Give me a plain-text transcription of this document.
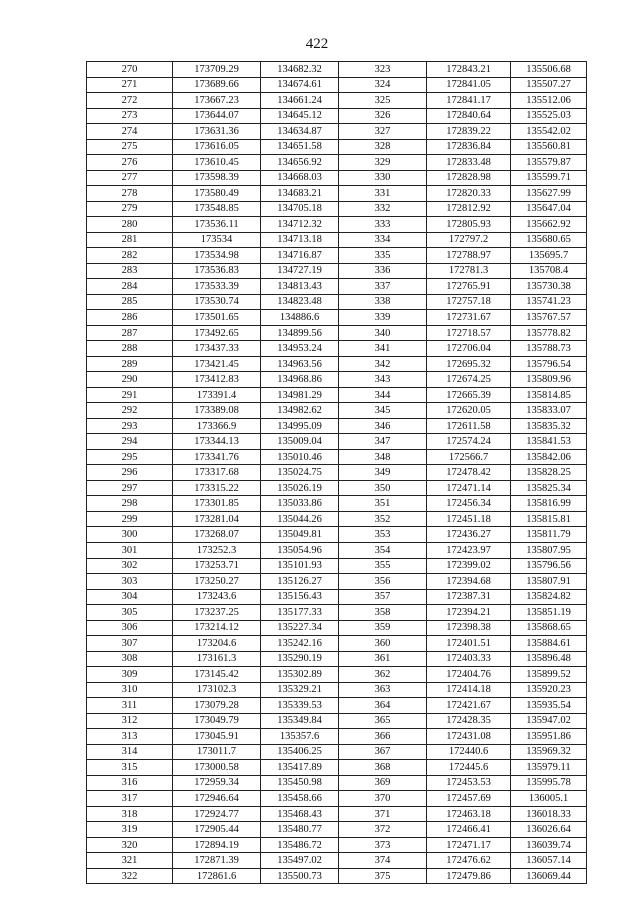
422
270	173709.29	134682.32	323	172843.21	135506.68
271	173689.66	134674.61	324	172841.05	135507.27
272	173667.23	134661.24	325	172841.17	135512.06
273	173644.07	134645.12	326	172840.64	135525.03
274	173631.36	134634.87	327	172839.22	135542.02
275	173616.05	134651.58	328	172836.84	135560.81
276	173610.45	134656.92	329	172833.48	135579.87
277	173598.39	134668.03	330	172828.98	135599.71
278	173580.49	134683.21	331	172820.33	135627.99
279	173548.85	134705.18	332	172812.92	135647.04
280	173536.11	134712.32	333	172805.93	135662.92
281	173534	134713.18	334	172797.2	135680.65
282	173534.98	134716.87	335	172788.97	135695.7
283	173536.83	134727.19	336	172781.3	135708.4
284	173533.39	134813.43	337	172765.91	135730.38
285	173530.74	134823.48	338	172757.18	135741.23
286	173501.65	134886.6	339	172731.67	135767.57
287	173492.65	134899.56	340	172718.57	135778.82
288	173437.33	134953.24	341	172706.04	135788.73
289	173421.45	134963.56	342	172695.32	135796.54
290	173412.83	134968.86	343	172674.25	135809.96
291	173391.4	134981.29	344	172665.39	135814.85
292	173389.08	134982.62	345	172620.05	135833.07
293	173366.9	134995.09	346	172611.58	135835.32
294	173344.13	135009.04	347	172574.24	135841.53
295	173341.76	135010.46	348	172566.7	135842.06
296	173317.68	135024.75	349	172478.42	135828.25
297	173315.22	135026.19	350	172471.14	135825.34
298	173301.85	135033.86	351	172456.34	135816.99
299	173281.04	135044.26	352	172451.18	135815.81
300	173268.07	135049.81	353	172436.27	135811.79
301	173252.3	135054.96	354	172423.97	135807.95
302	173253.71	135101.93	355	172399.02	135796.56
303	173250.27	135126.27	356	172394.68	135807.91
304	173243.6	135156.43	357	172387.31	135824.82
305	173237.25	135177.33	358	172394.21	135851.19
306	173214.12	135227.34	359	172398.38	135868.65
307	173204.6	135242.16	360	172401.51	135884.61
308	173161.3	135290.19	361	172403.33	135896.48
309	173145.42	135302.89	362	172404.76	135899.52
310	173102.3	135329.21	363	172414.18	135920.23
311	173079.28	135339.53	364	172421.67	135935.54
312	173049.79	135349.84	365	172428.35	135947.02
313	173045.91	135357.6	366	172431.08	135951.86
314	173011.7	135406.25	367	172440.6	135969.32
315	173000.58	135417.89	368	172445.6	135979.11
316	172959.34	135450.98	369	172453.53	135995.78
317	172946.64	135458.66	370	172457.69	136005.1
318	172924.77	135468.43	371	172463.18	136018.33
319	172905.44	135480.77	372	172466.41	136026.64
320	172894.19	135486.72	373	172471.17	136039.74
321	172871.39	135497.02	374	172476.62	136057.14
322	172861.6	135500.73	375	172479.86	136069.44
